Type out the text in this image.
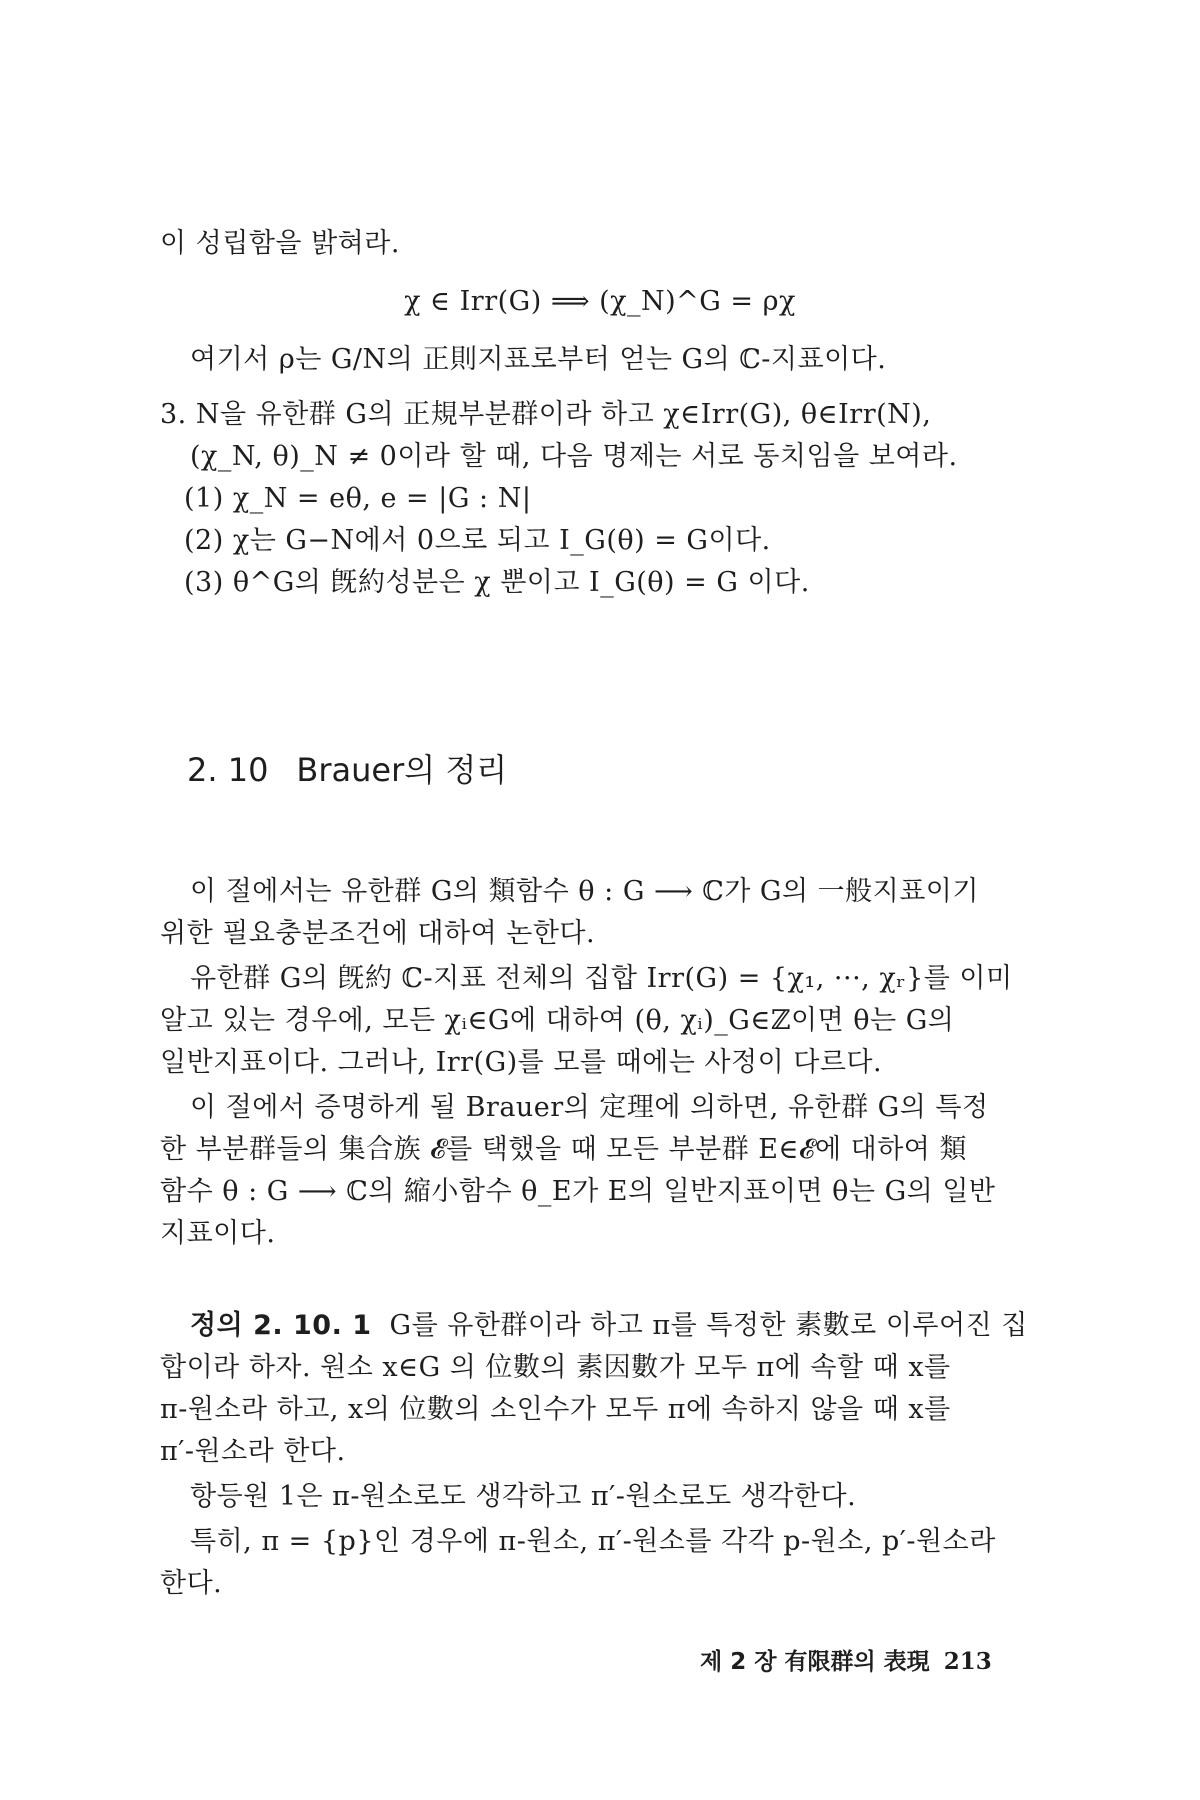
이 성립함을 밝혀라.
χ ∈ Irr(G) ⟹ (χ_N)^G = ρχ
여기서 ρ는 G/N의 正則지표로부터 얻는 G의 ℂ-지표이다.
3. N을 유한群 G의 正規부분群이라 하고 χ∈Irr(G), θ∈Irr(N),
(χ_N, θ)_N ≠ 0이라 할 때, 다음 명제는 서로 동치임을 보여라.
(1) χ_N = eθ, e = |G : N|
(2) χ는 G−N에서 0으로 되고 I_G(θ) = G이다.
(3) θ^G의 旣約성분은 χ 뿐이고 I_G(θ) = G 이다.
2. 10 Brauer의 정리
이 절에서는 유한群 G의 類함수 θ : G ⟶ ℂ가 G의 一般지표이기
위한 필요충분조건에 대하여 논한다.
유한群 G의 旣約 ℂ-지표 전체의 집합 Irr(G) = {χ₁, ···, χᵣ}를 이미
알고 있는 경우에, 모든 χᵢ∈G에 대하여 (θ, χᵢ)_G∈ℤ이면 θ는 G의
일반지표이다. 그러나, Irr(G)를 모를 때에는 사정이 다르다.
이 절에서 증명하게 될 Brauer의 定理에 의하면, 유한群 G의 특정
한 부분群들의 集合族 𝓔를 택했을 때 모든 부분群 E∈𝓔에 대하여 類
함수 θ : G ⟶ ℂ의 縮小함수 θ_E가 E의 일반지표이면 θ는 G의 일반
지표이다.
정의 2. 10. 1 G를 유한群이라 하고 π를 특정한 素數로 이루어진 집
합이라 하자. 원소 x∈G 의 位數의 素因數가 모두 π에 속할 때 x를
π-원소라 하고, x의 位數의 소인수가 모두 π에 속하지 않을 때 x를
π′-원소라 한다.
항등원 1은 π-원소로도 생각하고 π′-원소로도 생각한다.
특히, π = {p}인 경우에 π-원소, π′-원소를 각각 p-원소, p′-원소라
한다.
제 2 장 有限群의 表現 213
